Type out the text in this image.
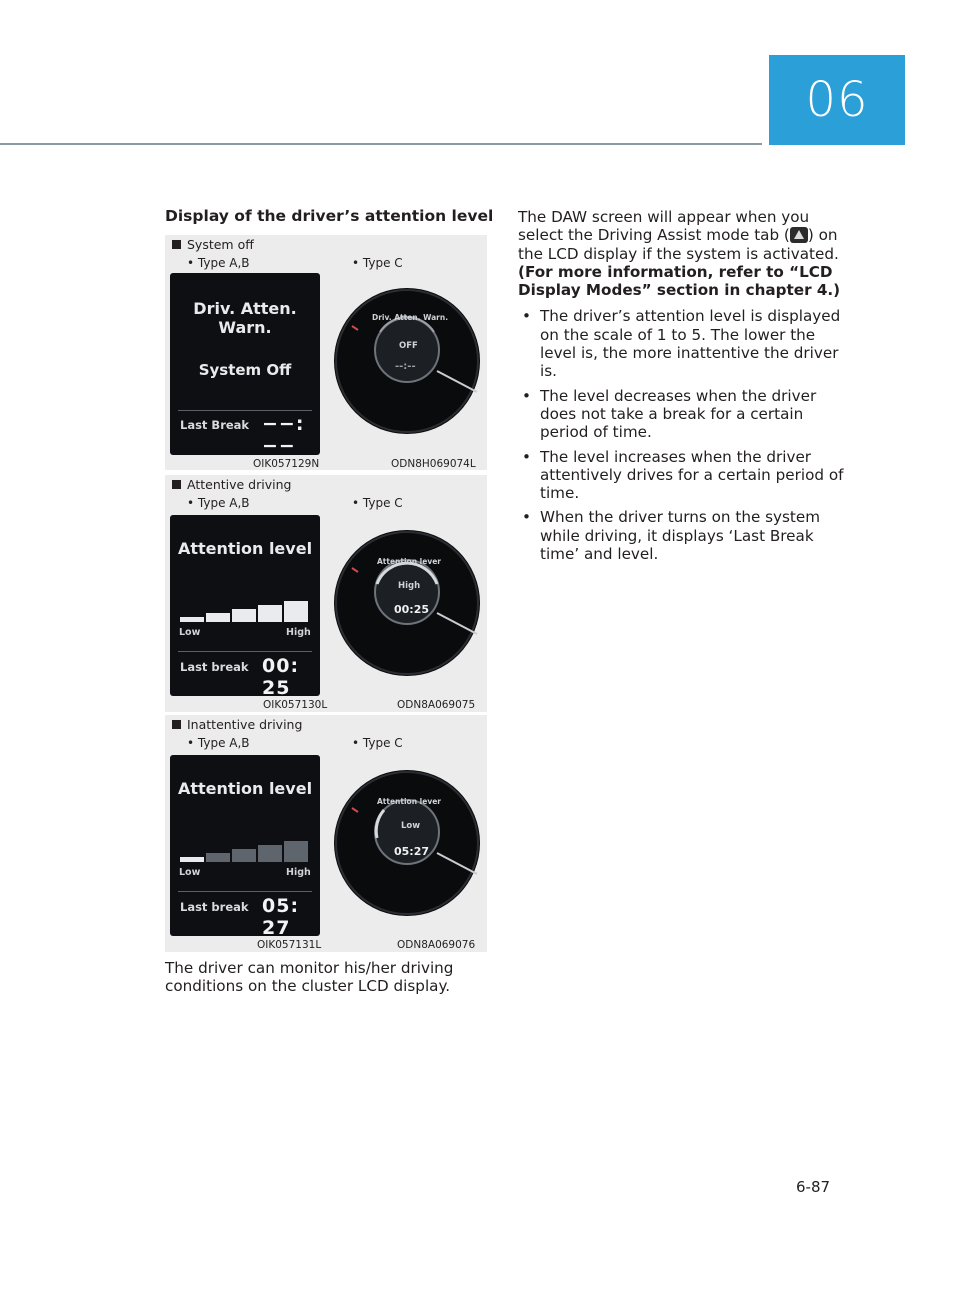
06
Display of the driver’s attention level
System off
• Type A,B	• Type C
Driv. Atten. Warn.
System Off
Last Break −−:−−
OIK057129N
Driv. Atten. Warn.
OFF
--:--
ODN8H069074L
Attentive driving
• Type A,B	• Type C
Attention level
Low	High
Last break 00: 25
OIK057130L
Attention lever
High
00:25
ODN8A069075
Inattentive driving
• Type A,B	• Type C
Attention level
Low	High
Last break 05: 27
OIK057131L
Attention lever
Low
05:27
ODN8A069076
The driver can monitor his/her driving conditions on the cluster LCD display.

The DAW screen will appear when you select the Driving Assist mode tab ( ) on the LCD display if the system is activated. (For more information, refer to “LCD Display Modes” section in chapter 4.)

• The driver’s attention level is displayed on the scale of 1 to 5. The lower the level is, the more inattentive the driver is.
• The level decreases when the driver does not take a break for a certain period of time.
• The level increases when the driver attentively drives for a certain period of time.
• When the driver turns on the system while driving, it displays ‘Last Break time’ and level.
6-87
